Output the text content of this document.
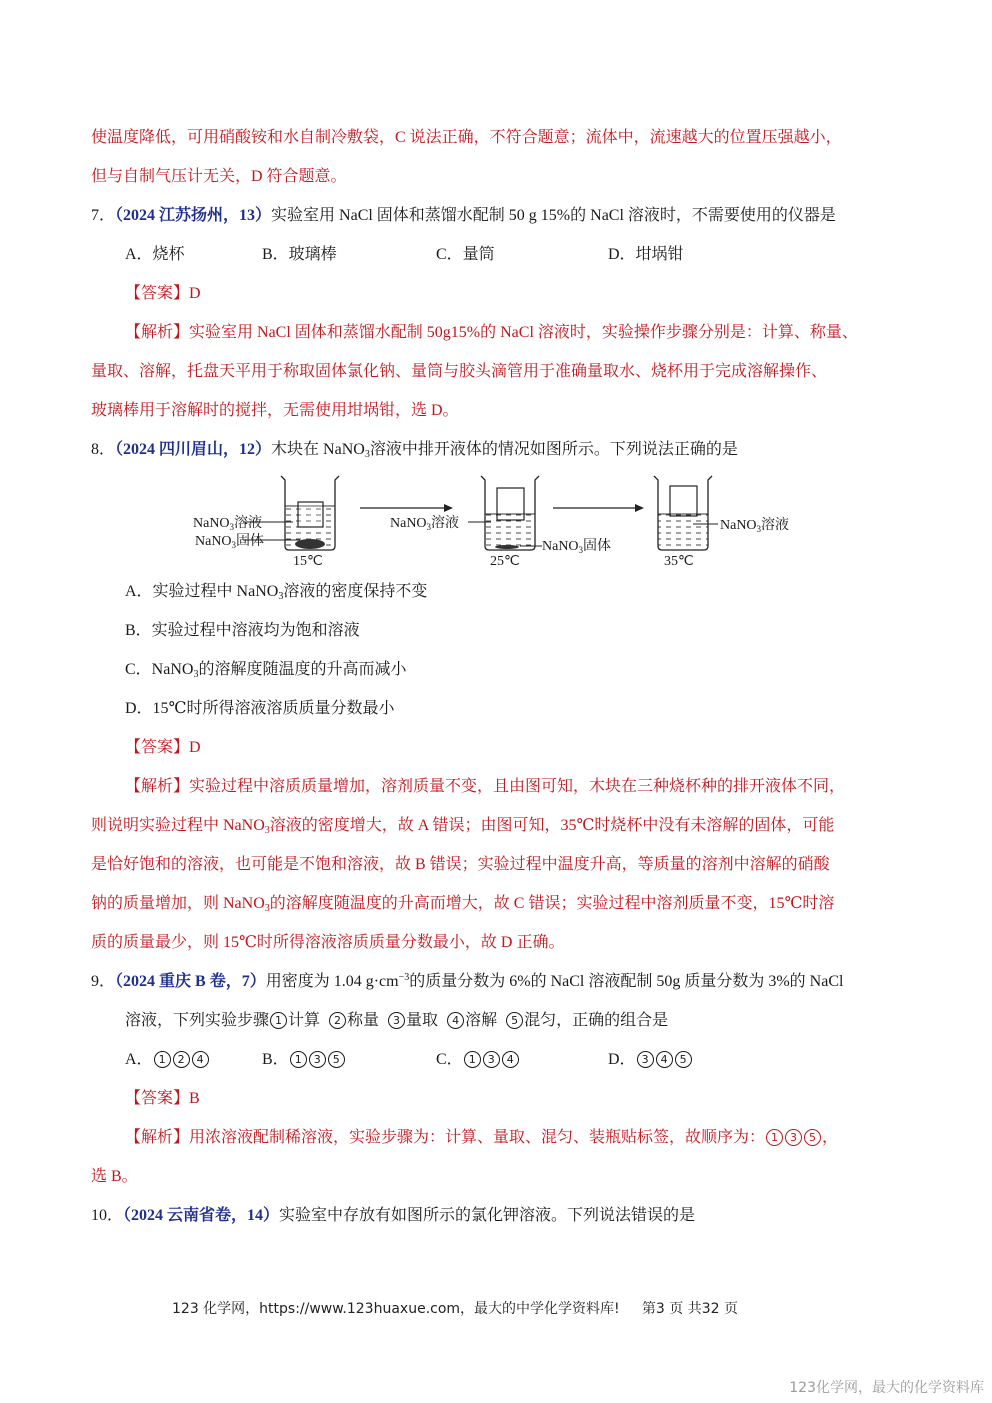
使温度降低，可用硝酸铵和水自制冷敷袋，C 说法正确，不符合题意；流体中，流速越大的位置压强越小，
但与自制气压计无关，D 符合题意。
7．（2024 江苏扬州，13）实验室用 NaCl 固体和蒸馏水配制 50 g 15%的 NaCl 溶液时，不需要使用的仪器是
A．烧杯	B．玻璃棒	C．量筒	D．坩埚钳
【答案】D
【解析】实验室用 NaCl 固体和蒸馏水配制 50g15%的 NaCl 溶液时，实验操作步骤分别是：计算、称量、
量取、溶解，托盘天平用于称取固体氯化钠、量筒与胶头滴管用于准确量取水、烧杯用于完成溶解操作、
玻璃棒用于溶解时的搅拌，无需使用坩埚钳，选 D。
8．（2024 四川眉山，12）木块在 NaNO$_3$溶液中排开液体的情况如图所示。下列说法正确的是
NaNO$_3$溶液
NaNO$_3$固体
15℃
NaNO$_3$溶液
NaNO$_3$固体
25℃
NaNO$_3$溶液
35℃
A．实验过程中 NaNO$_3$溶液的密度保持不变
B．实验过程中溶液均为饱和溶液
C．NaNO$_3$的溶解度随温度的升高而减小
D．15℃时所得溶液溶质质量分数最小
【答案】D
【解析】实验过程中溶质质量增加，溶剂质量不变，且由图可知，木块在三种烧杯种的排开液体不同，
则说明实验过程中 NaNO$_3$溶液的密度增大，故 A 错误；由图可知，35℃时烧杯中没有未溶解的固体，可能
是恰好饱和的溶液，也可能是不饱和溶液，故 B 错误；实验过程中温度升高，等质量的溶剂中溶解的硝酸
钠的质量增加，则 NaNO$_3$的溶解度随温度的升高而增大，故 C 错误；实验过程中溶剂质量不变，15℃时溶
质的质量最少，则 15℃时所得溶液溶质质量分数最小，故 D 正确。
9．（2024 重庆 B 卷，7）用密度为 1.04 $g\cdot cm^{-3}$的质量分数为 6%的 NaCl 溶液配制 50g 质量分数为 3%的 NaCl
溶液，下列实验步骤 1 计算 2 称量 3 量取 4 溶解 5 混匀，正确的组合是
A． 1 2 4	B． 1 3 5	C． 1 3 4	D． 3 4 5
【答案】B
【解析】用浓溶液配制稀溶液，实验步骤为：计算、量取、混匀、装瓶贴标签，故顺序为： 1 3 5 ，
选 B。
10．（2024 云南省卷，14）实验室中存放有如图所示的氯化钾溶液。下列说法错误的是
123 化学网，https://www.123huaxue.com，最大的中学化学资料库! 第3 页 共32 页
123化学网，最大的化学资料库
